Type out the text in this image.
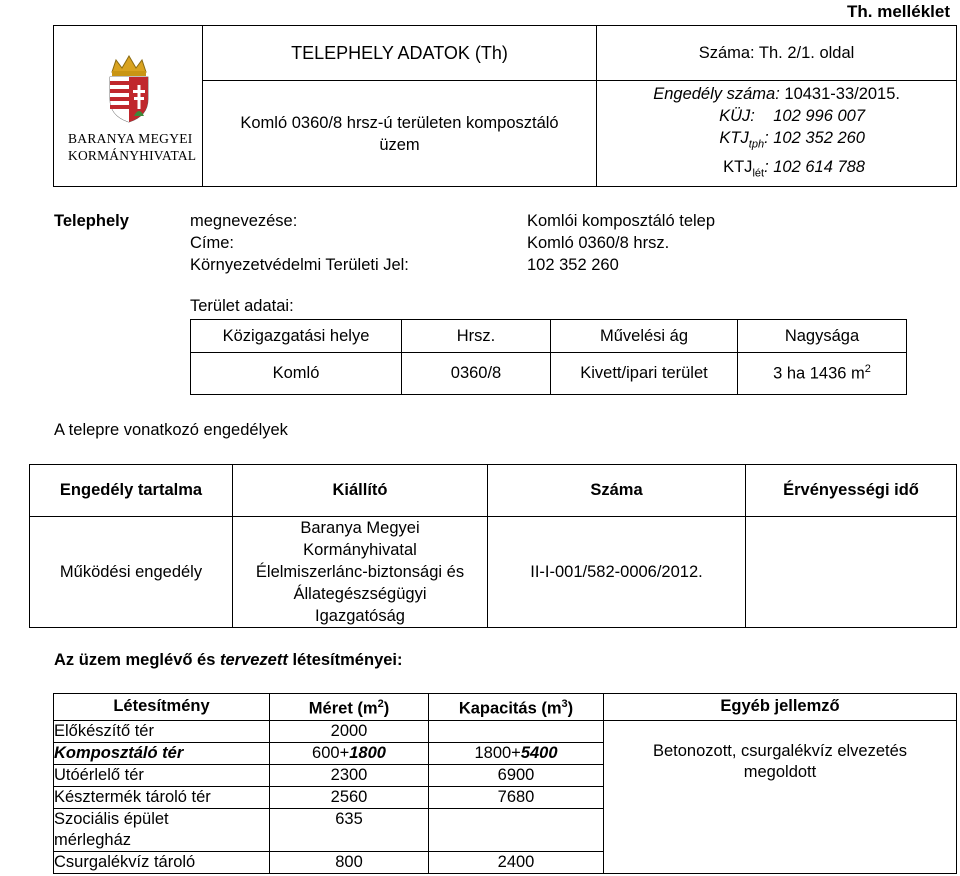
Th. melléklet
BARANYA MEGYEI
KORMÁNYHIVATAL	TELEPHELY ADATOK (Th)	Száma: Th. 2/1. oldal
	Komló 0360/8 hrsz-ú területen komposztáló üzem	Engedély száma: 10431-33/2015.
KÜJ: 102 996 007
$KTJ_{tph}$: 102 352 260
$KTJ_{lét}$: 102 614 788
Telephely	megnevezése:	Komlói komposztáló telep
Címe:	Komló 0360/8 hrsz.
Környezetvédelmi Területi Jel:	102 352 260
Terület adatai:
Közigazgatási helye	Hrsz.	Művelési ág	Nagysága
Komló	0360/8	Kivett/ipari terület	3 ha 1436 $m^2$
A telepre vonatkozó engedélyek
Engedély tartalma	Kiállító	Száma	Érvényességi idő
Működési engedély	Baranya Megyei
Kormányhivatal
Élelmiszerlánc-biztonsági és
Állategészségügyi
Igazgatóság	II-I-001/582-0006/2012.	
Az üzem meglévő és tervezett létesítményei:
Létesítmény	Méret $(m^2)$	Kapacitás $(m^3)$	Egyéb jellemző
Előkészítő tér	2000		Betonozott, csurgalékvíz elvezetés megoldott
Komposztáló tér	600+1800	1800+5400	
Utóérlelő tér	2300	6900	
Késztermék tároló tér	2560	7680	
Szociális épület mérlegház	635		
Csurgalékvíz tároló	800	2400	
